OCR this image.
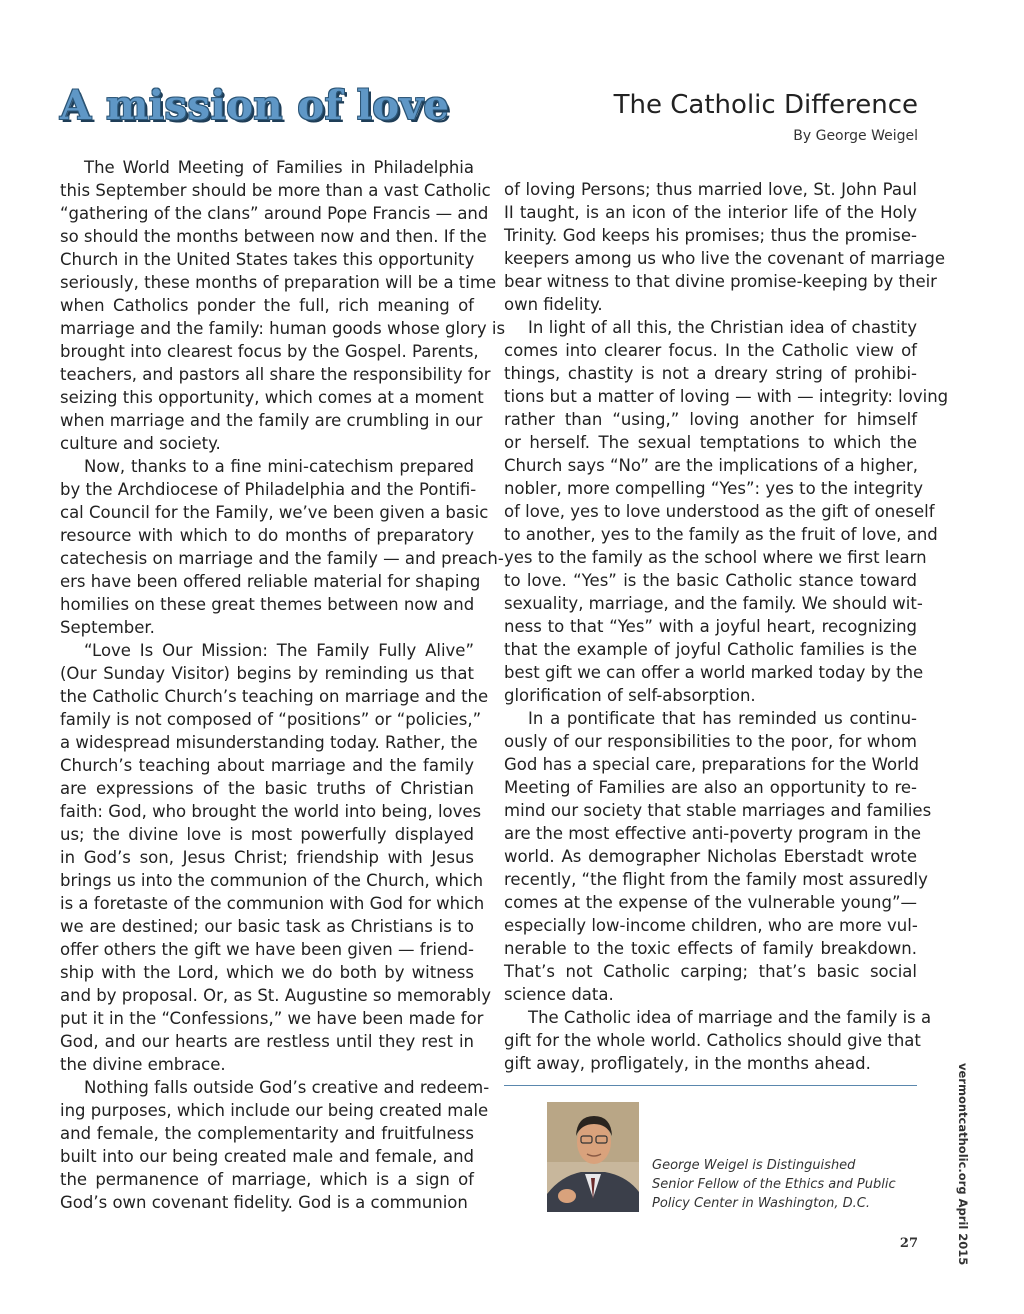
A mission of love	The Catholic Difference
By George Weigel
The World Meeting of Families in Philadelphia
this September should be more than a vast Catholic
“gathering of the clans” around Pope Francis — and
so should the months between now and then. If the
Church in the United States takes this opportunity
seriously, these months of preparation will be a time
when Catholics ponder the full, rich meaning of
marriage and the family: human goods whose glory is
brought into clearest focus by the Gospel. Parents,
teachers, and pastors all share the responsibility for
seizing this opportunity, which comes at a moment
when marriage and the family are crumbling in our
culture and society.
Now, thanks to a fine mini-catechism prepared
by the Archdiocese of Philadelphia and the Pontifi-
cal Council for the Family, we’ve been given a basic
resource with which to do months of preparatory
catechesis on marriage and the family — and preach-
ers have been offered reliable material for shaping
homilies on these great themes between now and
September.
“Love Is Our Mission: The Family Fully Alive”
(Our Sunday Visitor) begins by reminding us that
the Catholic Church’s teaching on marriage and the
family is not composed of “positions” or “policies,”
a widespread misunderstanding today. Rather, the
Church’s teaching about marriage and the family
are expressions of the basic truths of Christian
faith: God, who brought the world into being, loves
us; the divine love is most powerfully displayed
in God’s son, Jesus Christ; friendship with Jesus
brings us into the communion of the Church, which
is a foretaste of the communion with God for which
we are destined; our basic task as Christians is to
offer others the gift we have been given — friend-
ship with the Lord, which we do both by witness
and by proposal. Or, as St. Augustine so memorably
put it in the “Confessions,” we have been made for
God, and our hearts are restless until they rest in
the divine embrace.
Nothing falls outside God’s creative and redeem-
ing purposes, which include our being created male
and female, the complementarity and fruitfulness
built into our being created male and female, and
the permanence of marriage, which is a sign of
God’s own covenant fidelity. God is a communion
of loving Persons; thus married love, St. John Paul
II taught, is an icon of the interior life of the Holy
Trinity. God keeps his promises; thus the promise-
keepers among us who live the covenant of marriage
bear witness to that divine promise-keeping by their
own fidelity.
In light of all this, the Christian idea of chastity
comes into clearer focus. In the Catholic view of
things, chastity is not a dreary string of prohibi-
tions but a matter of loving — with — integrity: loving
rather than “using,” loving another for himself
or herself. The sexual temptations to which the
Church says “No” are the implications of a higher,
nobler, more compelling “Yes”: yes to the integrity
of love, yes to love understood as the gift of oneself
to another, yes to the family as the fruit of love, and
yes to the family as the school where we first learn
to love. “Yes” is the basic Catholic stance toward
sexuality, marriage, and the family. We should wit-
ness to that “Yes” with a joyful heart, recognizing
that the example of joyful Catholic families is the
best gift we can offer a world marked today by the
glorification of self-absorption.
In a pontificate that has reminded us continu-
ously of our responsibilities to the poor, for whom
God has a special care, preparations for the World
Meeting of Families are also an opportunity to re-
mind our society that stable marriages and families
are the most effective anti-poverty program in the
world. As demographer Nicholas Eberstadt wrote
recently, “the flight from the family most assuredly
comes at the expense of the vulnerable young”—
especially low-income children, who are more vul-
nerable to the toxic effects of family breakdown.
That’s not Catholic carping; that’s basic social
science data.
The Catholic idea of marriage and the family is a
gift for the whole world. Catholics should give that
gift away, profligately, in the months ahead.
George Weigel is Distinguished
Senior Fellow of the Ethics and Public
Policy Center in Washington, D.C.	vermontcatholic.org April 2015
27
